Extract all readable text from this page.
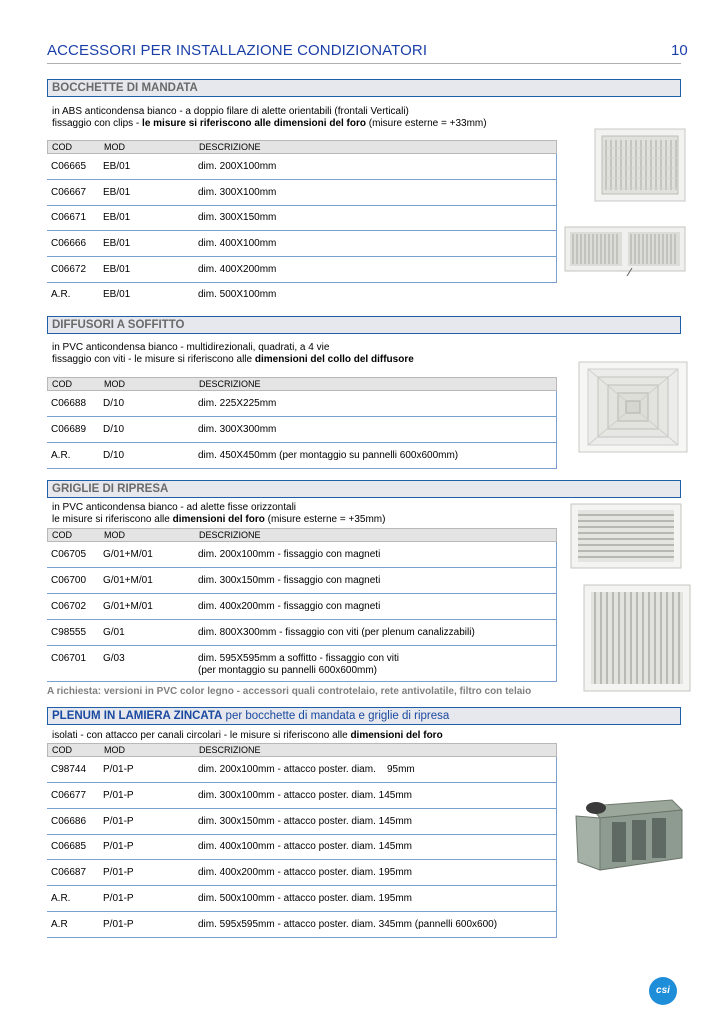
ACCESSORI PER INSTALLAZIONE CONDIZIONATORI	10
BOCCHETTE DI MANDATA
in ABS anticondensa bianco - a doppio filare di alette orientabili (frontali Verticali)
fissaggio con clips - le misure si riferiscono alle dimensioni del foro (misure esterne = +33mm)
COD	MOD	DESCRIZIONE
C06665 EB/01	dim. 200X100mm
C06667 EB/01	dim. 300X100mm
C06671 EB/01	dim. 300X150mm
C06666 EB/01	dim. 400X100mm
C06672 EB/01	dim. 400X200mm
A.R.	EB/01	dim. 500X100mm
DIFFUSORI A SOFFITTO
in PVC anticondensa bianco - multidirezionali, quadrati, a 4 vie
fissaggio con viti - le misure si riferiscono alle dimensioni del collo del diffusore
COD	MOD	DESCRIZIONE
C06688 D/10	dim. 225X225mm
C06689 D/10	dim. 300X300mm
A.R.	D/10	dim. 450X450mm (per montaggio su pannelli 600x600mm)
GRIGLIE DI RIPRESA
in PVC anticondensa bianco - ad alette fisse orizzontali
le misure si riferiscono alle dimensioni del foro (misure esterne = +35mm)
COD	MOD	DESCRIZIONE
C06705 G/01+M/01	dim. 200x100mm - fissaggio con magneti
C06700 G/01+M/01	dim. 300x150mm - fissaggio con magneti
C06702 G/01+M/01	dim. 400x200mm - fissaggio con magneti
C98555 G/01	dim. 800X300mm - fissaggio con viti (per plenum canalizzabili)
C06701 G/03	dim. 595X595mm a soffitto - fissaggio con viti
(per montaggio su pannelli 600x600mm)
A richiesta: versioni in PVC color legno - accessori quali controtelaio, rete antivolatile, filtro con telaio
PLENUM IN LAMIERA ZINCATA per bocchette di mandata e griglie di ripresa
isolati - con attacco per canali circolari - le misure si riferiscono alle dimensioni del foro
COD	MOD	DESCRIZIONE
C98744 P/01-P	dim. 200x100mm - attacco poster. diam.    95mm
C06677 P/01-P	dim. 300x100mm - attacco poster. diam. 145mm
C06686 P/01-P	dim. 300x150mm - attacco poster. diam. 145mm
C06685 P/01-P	dim. 400x100mm - attacco poster. diam. 145mm
C06687 P/01-P	dim. 400x200mm - attacco poster. diam. 195mm
A.R.	P/01-P	dim. 500x100mm - attacco poster. diam. 195mm
A.R	P/01-P	dim. 595x595mm - attacco poster. diam. 345mm (pannelli 600x600)
csi
